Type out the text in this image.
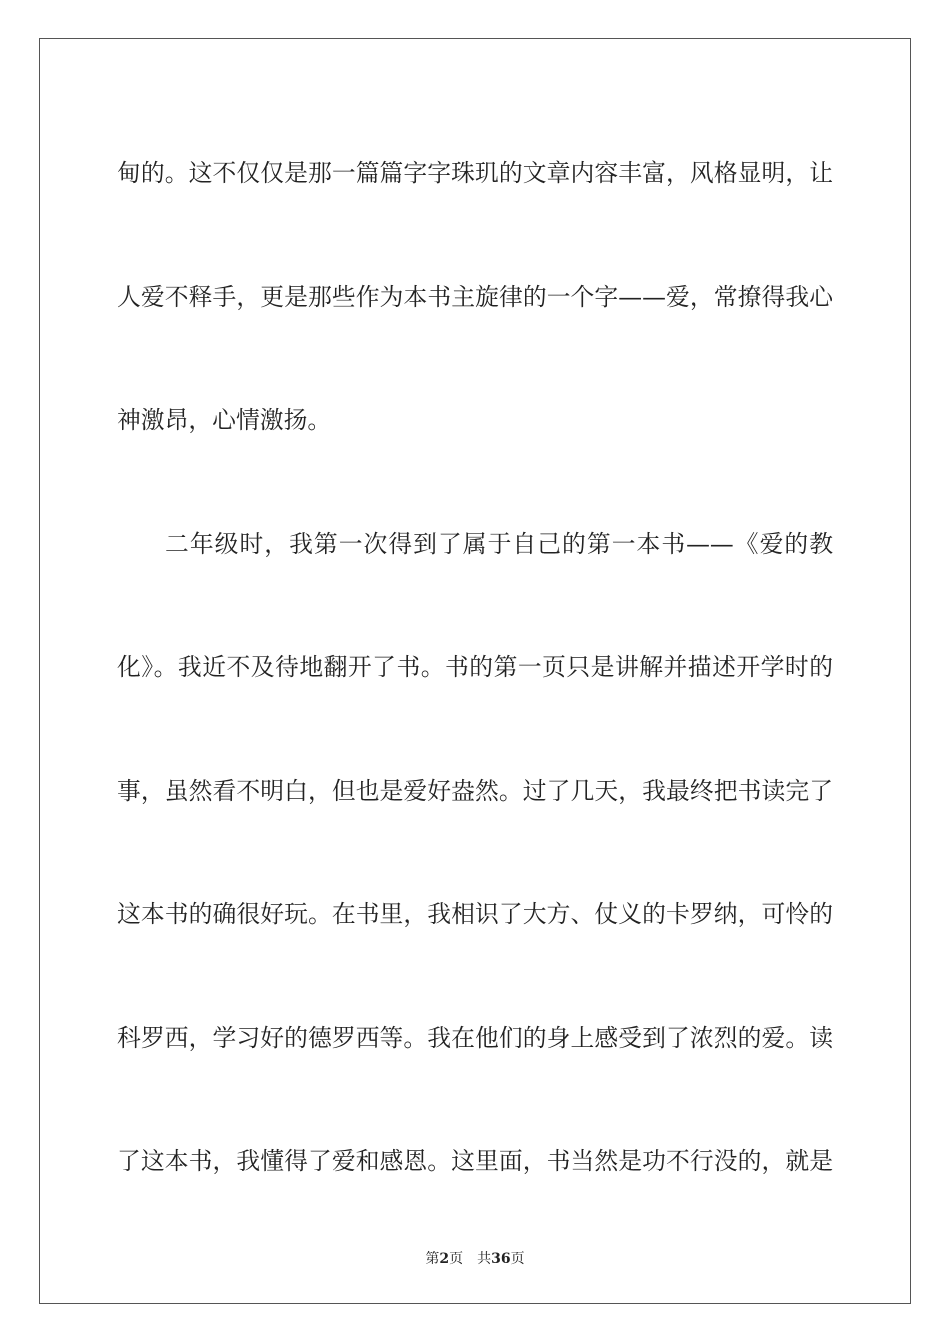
甸的。这不仅仅是那一篇篇字字珠玑的文章内容丰富，风格显明，让
人爱不释手，更是那些作为本书主旋律的一个字——爱，常撩得我心
神激昂，心情激扬。
二年级时，我第一次得到了属于自己的第一本书——《爱的教
化》。我近不及待地翻开了书。书的第一页只是讲解并描述开学时的
事，虽然看不明白，但也是爱好盎然。过了几天，我最终把书读完了
这本书的确很好玩。在书里，我相识了大方、仗义的卡罗纳，可怜的
科罗西，学习好的德罗西等。我在他们的身上感受到了浓烈的爱。读
了这本书，我懂得了爱和感恩。这里面，书当然是功不行没的，就是
第2页 共36页
